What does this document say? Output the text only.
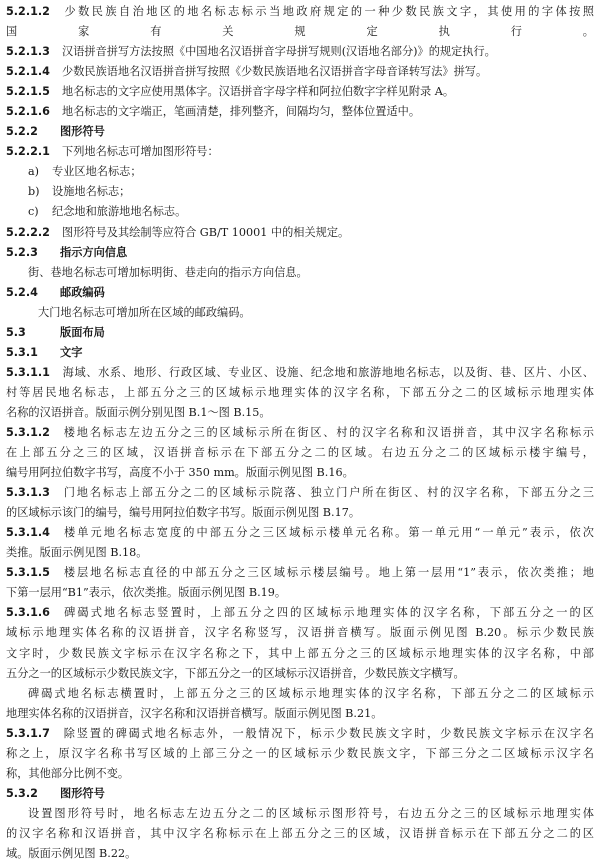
5.2.1.2 少数民族自治地区的地名标志标示当地政府规定的一种少数民族文字，其使用的字体按照
国家有关规定执行。
5.2.1.3 汉语拼音拼写方法按照《中国地名汉语拼音字母拼写规则(汉语地名部分)》的规定执行。
5.2.1.4 少数民族语地名汉语拼音拼写按照《少数民族语地名汉语拼音字母音译转写法》拼写。
5.2.1.5 地名标志的文字应使用黑体字。汉语拼音字母字样和阿拉伯数字字样见附录 A。
5.2.1.6 地名标志的文字端正，笔画清楚，排列整齐，间隔均匀，整体位置适中。
5.2.2 图形符号
5.2.2.1 下列地名标志可增加图形符号：
a) 专业区地名标志；
b) 设施地名标志；
c) 纪念地和旅游地地名标志。
5.2.2.2 图形符号及其绘制等应符合 GB/T 10001 中的相关规定。
5.2.3 指示方向信息
街、巷地名标志可增加标明街、巷走向的指示方向信息。
5.2.4 邮政编码
大门地名标志可增加所在区域的邮政编码。
5.3	版面布局
5.3.1 文字
5.3.1.1 海域、水系、地形、行政区域、专业区、设施、纪念地和旅游地地名标志，以及街、巷、区片、小区、
村等居民地名标志，上部五分之三的区域标示地理实体的汉字名称，下部五分之二的区域标示地理实体
名称的汉语拼音。版面示例分别见图 B.1～图 B.15。
5.3.1.2 楼地名标志左边五分之三的区域标示所在街区、村的汉字名称和汉语拼音，其中汉字名称标示
在上部五分之三的区域，汉语拼音标示在下部五分之二的区域。右边五分之二的区域标示楼宇编号，
编号用阿拉伯数字书写，高度不小于 350 mm。版面示例见图 B.16。
5.3.1.3 门地名标志上部五分之二的区域标示院落、独立门户所在街区、村的汉字名称，下部五分之三
的区域标示该门的编号，编号用阿拉伯数字书写。版面示例见图 B.17。
5.3.1.4 楼单元地名标志宽度的中部五分之三区域标示楼单元名称。第一单元用“一单元”表示，依次
类推。版面示例见图 B.18。
5.3.1.5 楼层地名标志直径的中部五分之三区域标示楼层编号。地上第一层用“1”表示，依次类推；地
下第一层用“B1”表示，依次类推。版面示例见图 B.19。
5.3.1.6 碑碣式地名标志竖置时，上部五分之四的区域标示地理实体的汉字名称，下部五分之一的区
域标示地理实体名称的汉语拼音，汉字名称竖写，汉语拼音横写。版面示例见图 B.20。标示少数民族
文字时，少数民族文字标示在汉字名称之下，其中上部五分之三的区域标示地理实体的汉字名称，中部
五分之一的区域标示少数民族文字，下部五分之一的区域标示汉语拼音，少数民族文字横写。
碑碣式地名标志横置时，上部五分之三的区域标示地理实体的汉字名称，下部五分之二的区域标示
地理实体名称的汉语拼音，汉字名称和汉语拼音横写。版面示例见图 B.21。
5.3.1.7 除竖置的碑碣式地名标志外，一般情况下，标示少数民族文字时，少数民族文字标示在汉字名
称之上，原汉字名称书写区域的上部三分之一的区域标示少数民族文字，下部三分之二区域标示汉字名
称，其他部分比例不变。
5.3.2 图形符号
设置图形符号时，地名标志左边五分之二的区域标示图形符号，右边五分之三的区域标示地理实体
的汉字名称和汉语拼音，其中汉字名称标示在上部五分之三的区域，汉语拼音标示在下部五分之二的区
域。版面示例见图 B.22。
